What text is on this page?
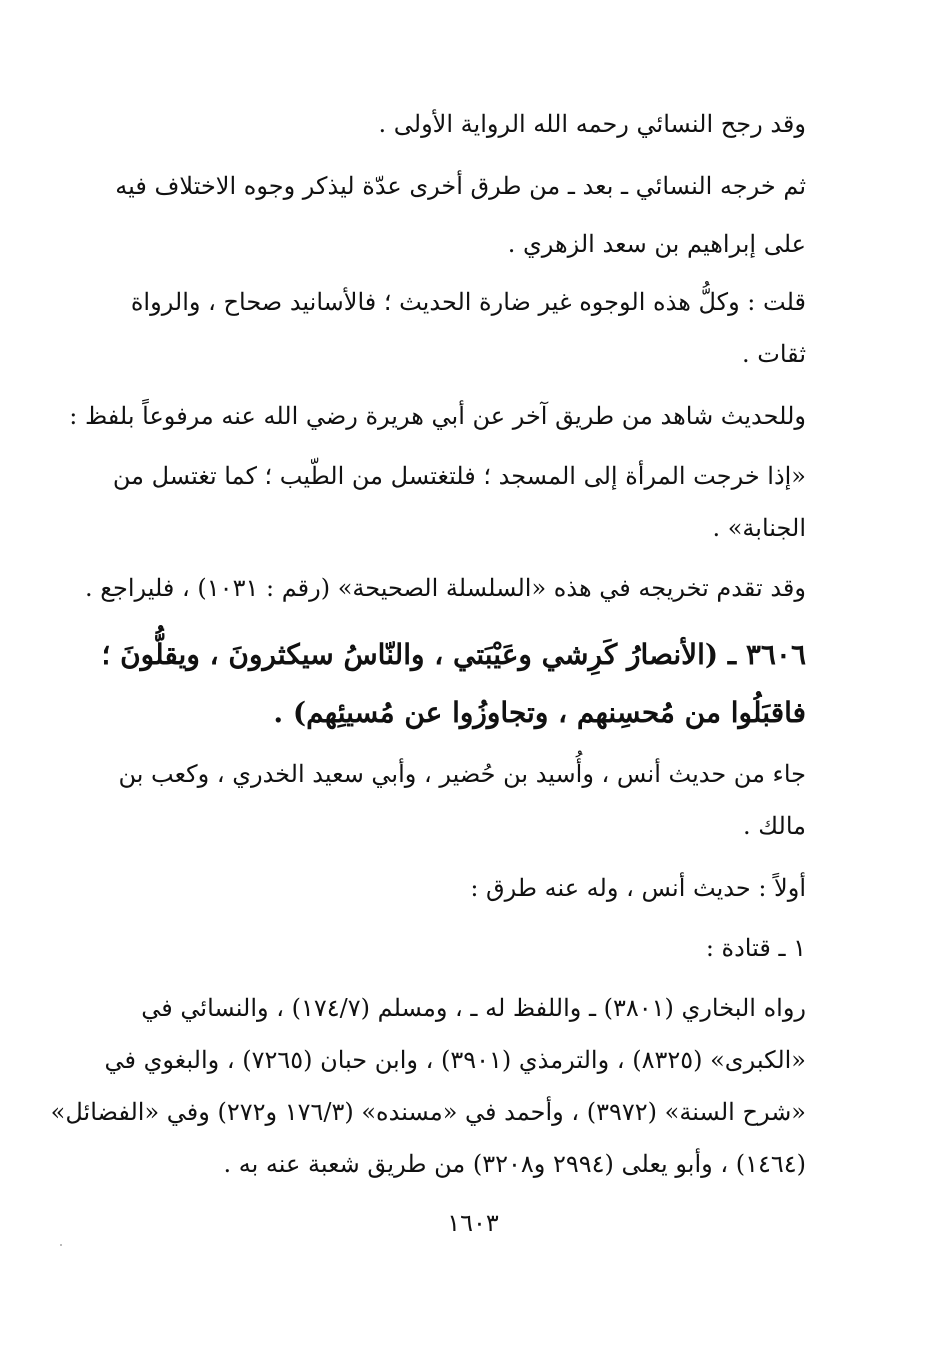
وقد رجح النسائي رحمه الله الرواية الأولى .
ثم خرجه النسائي ـ بعد ـ من طرق أخرى عدّة ليذكر وجوه الاختلاف فيه
على إبراهيم بن سعد الزهري .
قلت : وكلُّ هذه الوجوه غير ضارة الحديث ؛ فالأسانيد صحاح ، والرواة
ثقات .
وللحديث شاهد من طريق آخر عن أبي هريرة رضي الله عنه مرفوعاً بلفظ :
«إذا خرجت المرأة إلى المسجد ؛ فلتغتسل من الطّيب ؛ كما تغتسل من
الجنابة» .
وقد تقدم تخريجه في هذه «السلسلة الصحيحة» (رقم : ١٠٣١) ، فليراجع .
٣٦٠٦ ـ (الأنصارُ كَرِشي وعَيْبَتي ، والنّاسُ سيكثرونَ ، ويقلُّونَ ؛
فاقبَلُوا من مُحسِنهم ، وتجاوزُوا عن مُسيئِهم) .
جاء من حديث أنس ، وأُسيد بن حُضير ، وأبي سعيد الخدري ، وكعب بن
مالك .
أولاً : حديث أنس ، وله عنه طرق :
١ ـ قتادة :
رواه البخاري (٣٨٠١) ـ واللفظ له ـ ، ومسلم (١٧٤/٧) ، والنسائي في
«الكبرى» (٨٣٢٥) ، والترمذي (٣٩٠١) ، وابن حبان (٧٢٦٥) ، والبغوي في
«شرح السنة» (٣٩٧٢) ، وأحمد في «مسنده» (١٧٦/٣ و٢٧٢) وفي «الفضائل»
(١٤٦٤) ، وأبو يعلى (٢٩٩٤ و٣٢٠٨) من طريق شعبة عنه به .
١٦٠٣
